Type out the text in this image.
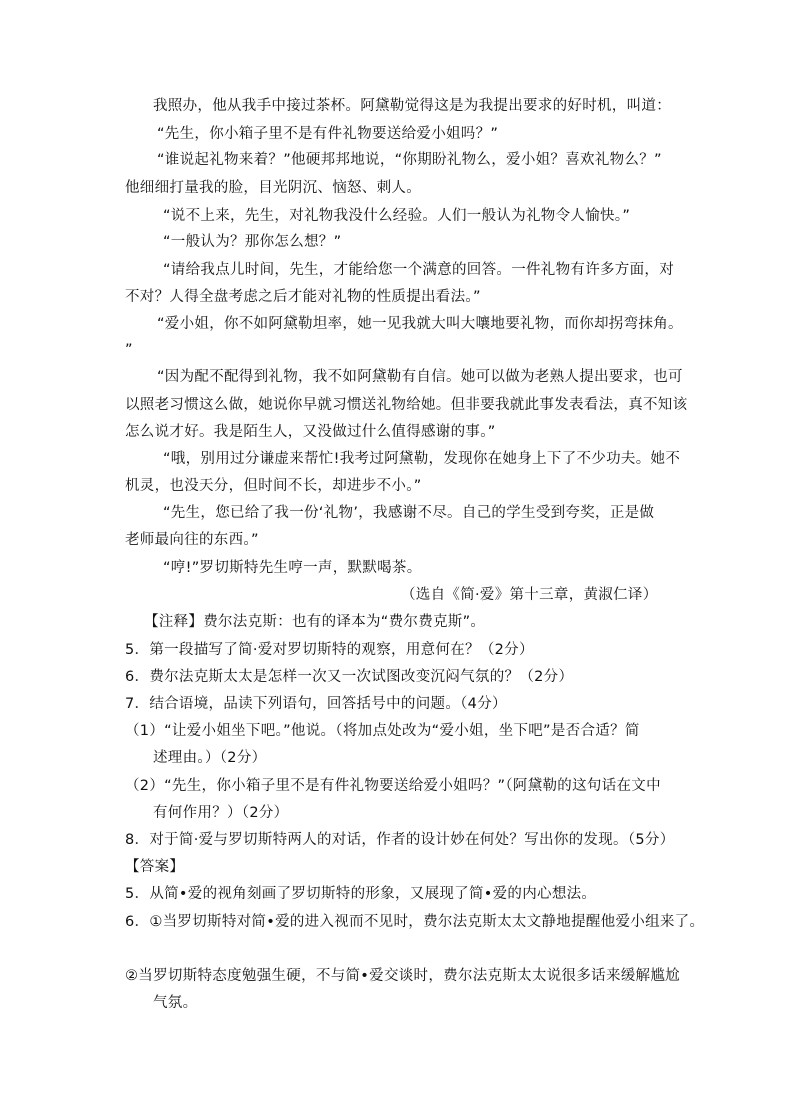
我照办，他从我手中接过茶杯。阿黛勒觉得这是为我提出要求的好时机，叫道：
“先生，你小箱子里不是有件礼物要送给爱小姐吗？”
“谁说起礼物来着？”他硬邦邦地说，“你期盼礼物么，爱小姐？喜欢礼物么？”
他细细打量我的脸，目光阴沉、恼怒、刺人。
“说不上来，先生，对礼物我没什么经验。人们一般认为礼物令人愉快。”
“一般认为？那你怎么想？”
“请给我点儿时间，先生，才能给您一个满意的回答。一件礼物有许多方面，对
不对？人得全盘考虑之后才能对礼物的性质提出看法。”
“爱小姐，你不如阿黛勒坦率，她一见我就大叫大嚷地要礼物，而你却拐弯抹角。
”
“因为配不配得到礼物，我不如阿黛勒有自信。她可以做为老熟人提出要求，也可
以照老习惯这么做，她说你早就习惯送礼物给她。但非要我就此事发表看法，真不知该
怎么说才好。我是陌生人，又没做过什么值得感谢的事。”
“哦，别用过分谦虚来帮忙!我考过阿黛勒，发现你在她身上下了不少功夫。她不
机灵，也没天分，但时间不长，却进步不小。”
“先生，您已给了我一份‘礼物’，我感谢不尽。自己的学生受到夸奖，正是做
老师最向往的东西。”
“哼!”罗切斯特先生哼一声，默默喝茶。
（选自《简·爱》第十三章，黄淑仁译）
【注释】费尔法克斯：也有的译本为“费尔费克斯”。
5．第一段描写了简·爱对罗切斯特的观察，用意何在？（2分）
6．费尔法克斯太太是怎样一次又一次试图改变沉闷气氛的？（2分）
7．结合语境，品读下列语句，回答括号中的问题。（4分）
（1）“让爱小姐坐下吧。”他说。（将加点处改为“爱小姐，坐下吧”是否合适？简
述理由。）（2分）
（2）“先生，你小箱子里不是有件礼物要送给爱小姐吗？”（阿黛勒的这句话在文中
有何作用？）（2分）
8．对于简·爱与罗切斯特两人的对话，作者的设计妙在何处？写出你的发现。（5分）
【答案】
5．从简•爱的视角刻画了罗切斯特的形象，又展现了简•爱的内心想法。
6．①当罗切斯特对简•爱的进入视而不见时，费尔法克斯太太文静地提醒他爱小组来了。
②当罗切斯特态度勉强生硬，不与简•爱交谈时，费尔法克斯太太说很多话来缓解尴尬
气氛。
